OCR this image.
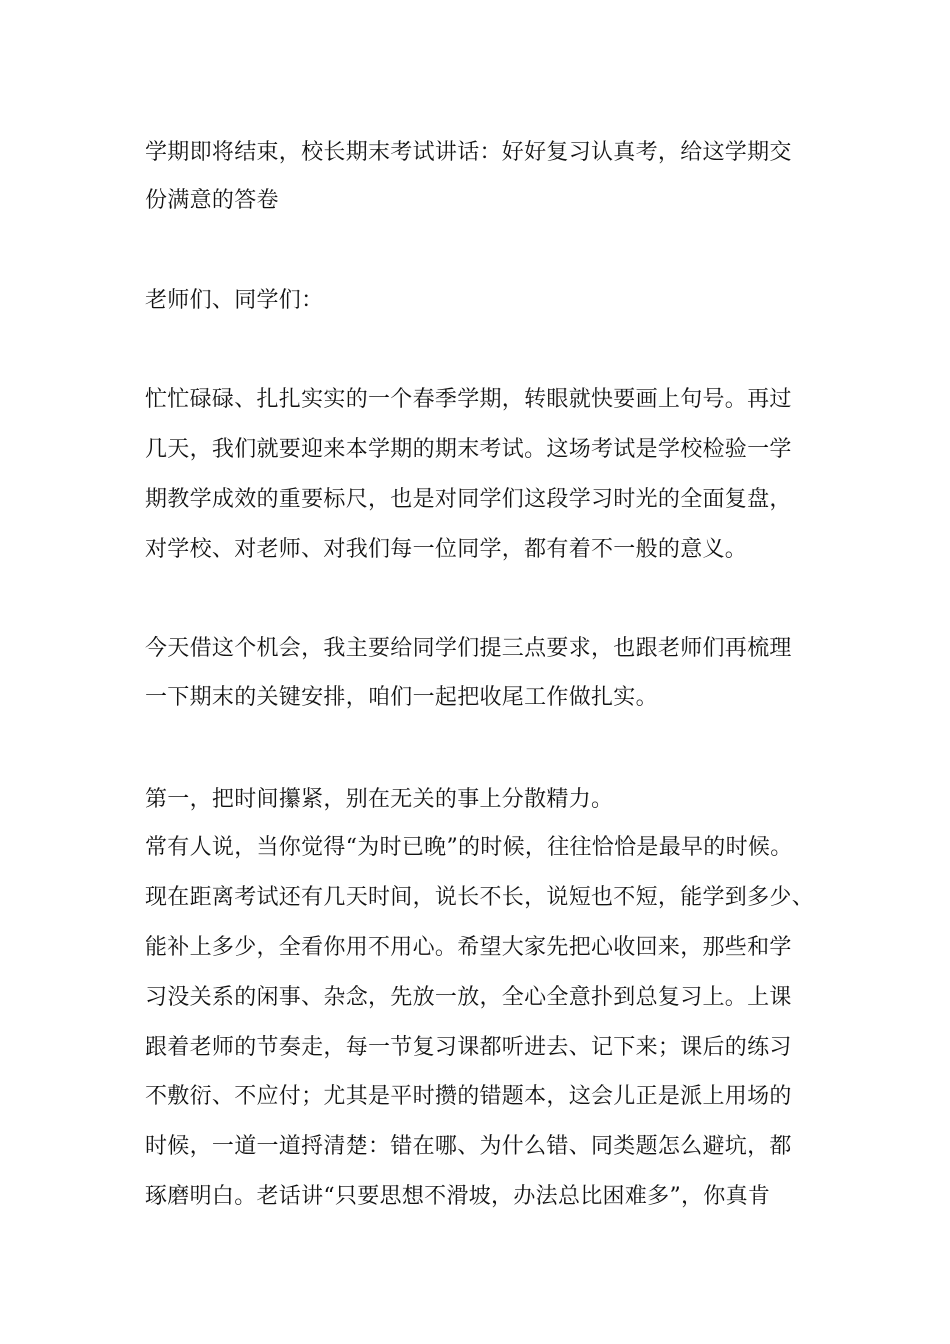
学期即将结束，校长期末考试讲话：好好复习认真考，给这学期交

份满意的答卷

老师们、同学们：

忙忙碌碌、扎扎实实的一个春季学期，转眼就快要画上句号。再过

几天，我们就要迎来本学期的期末考试。这场考试是学校检验一学

期教学成效的重要标尺，也是对同学们这段学习时光的全面复盘，

对学校、对老师、对我们每一位同学，都有着不一般的意义。

今天借这个机会，我主要给同学们提三点要求，也跟老师们再梳理

一下期末的关键安排，咱们一起把收尾工作做扎实。

第一，把时间攥紧，别在无关的事上分散精力。

常有人说，当你觉得“为时已晚”的时候，往往恰恰是最早的时候。

现在距离考试还有几天时间，说长不长，说短也不短，能学到多少、

能补上多少，全看你用不用心。希望大家先把心收回来，那些和学

习没关系的闲事、杂念，先放一放，全心全意扑到总复习上。上课

跟着老师的节奏走，每一节复习课都听进去、记下来；课后的练习

不敷衍、不应付；尤其是平时攒的错题本，这会儿正是派上用场的

时候，一道一道捋清楚：错在哪、为什么错、同类题怎么避坑，都

琢磨明白。老话讲“只要思想不滑坡，办法总比困难多”，你真肯
